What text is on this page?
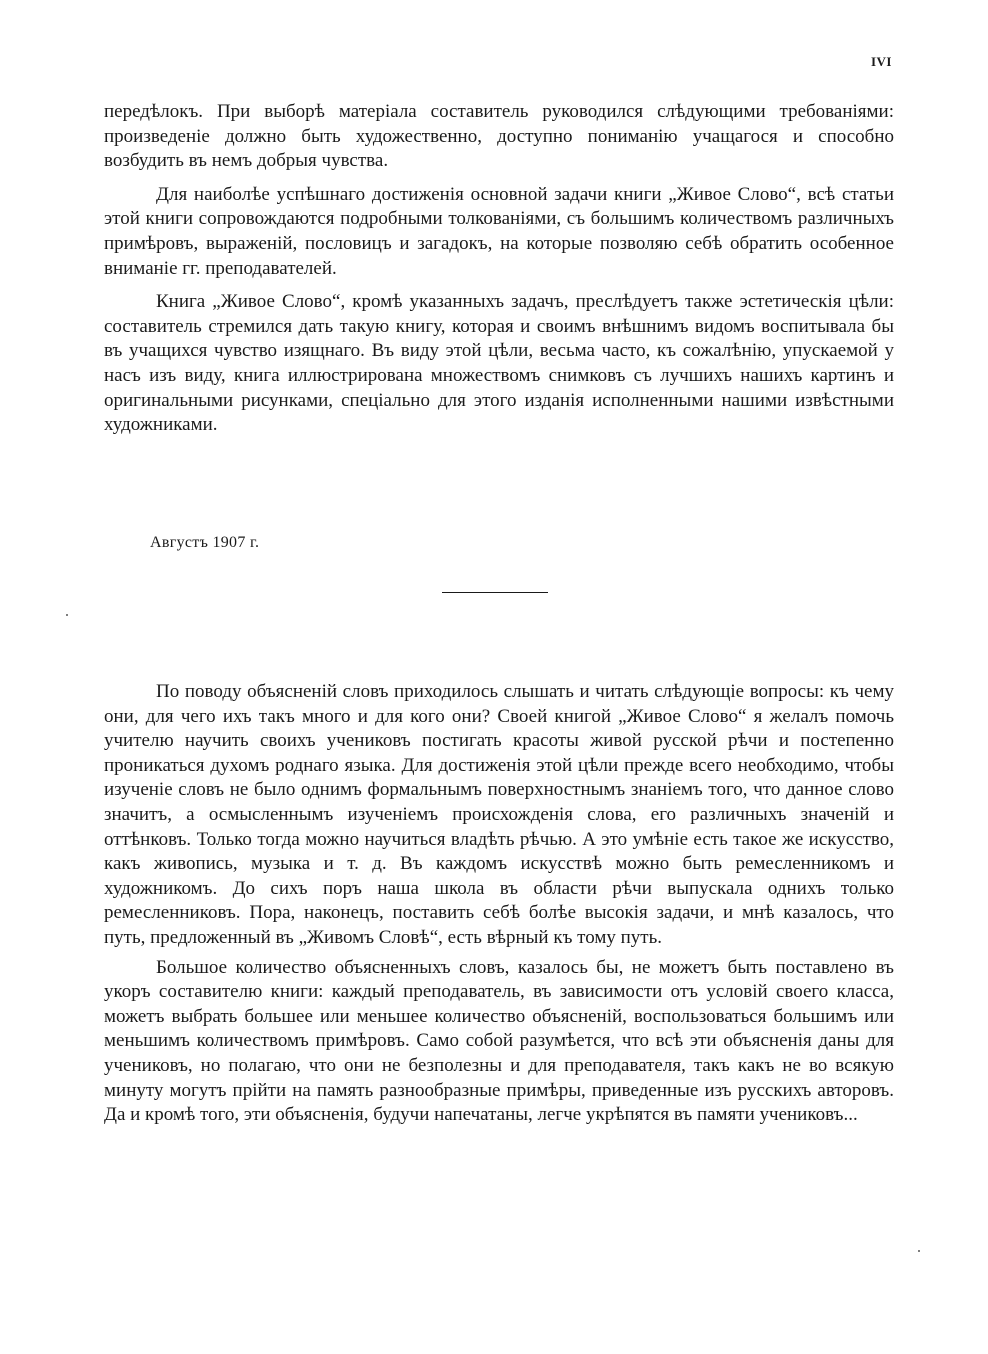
ІVІ

передѣлокъ. При выборѣ матеріала составитель руководился слѣдующими требованіями: произведеніе должно быть художественно, доступно пониманію учащагося и способно возбудить въ немъ добрыя чувства.

Для наиболѣе успѣшнаго достиженія основной задачи книги „Живое Слово“, всѣ статьи этой книги сопровождаются подробными толкованіями, съ большимъ количествомъ различныхъ примѣровъ, выраженій, пословицъ и загадокъ, на которые позволяю себѣ обратить особенное вниманіе гг. преподавателей.

Книга „Живое Слово“, кромѣ указанныхъ задачъ, преслѣдуетъ также эстетическія цѣли: составитель стремился дать такую книгу, которая и своимъ внѣшнимъ видомъ воспитывала бы въ учащихся чувство изящнаго. Въ виду этой цѣли, весьма часто, къ сожалѣнію, упускаемой у насъ изъ виду, книга иллюстрирована множествомъ снимковъ съ лучшихъ нашихъ картинъ и оригинальными рисунками, спеціально для этого изданія исполненными нашими извѣстными художниками.

Августъ 1907 г.

По поводу объясненій словъ приходилось слышать и читать слѣдующіе вопросы: къ чему они, для чего ихъ такъ много и для кого они? Своей книгой „Живое Слово“ я желалъ помочь учителю научить своихъ учениковъ постигать красоты живой русской рѣчи и постепенно проникаться духомъ роднаго языка. Для достиженія этой цѣли прежде всего необходимо, чтобы изученіе словъ не было однимъ формальнымъ поверхностнымъ знаніемъ того, что данное слово значитъ, а осмысленнымъ изученіемъ происхожденія слова, его различныхъ значеній и оттѣнковъ. Только тогда можно научиться владѣть рѣчью. А это умѣніе есть такое же искусство, какъ живопись, музыка и т. д. Въ каждомъ искусствѣ можно быть ремесленникомъ и художникомъ. До сихъ поръ наша школа въ области рѣчи выпускала однихъ только ремесленниковъ. Пора, наконецъ, поставить себѣ болѣе высокія задачи, и мнѣ казалось, что путь, предложенный въ „Живомъ Словѣ“, есть вѣрный къ тому путь.

Большое количество объясненныхъ словъ, казалось бы, не можетъ быть поставлено въ укоръ составителю книги: каждый преподаватель, въ зависимости отъ условій своего класса, можетъ выбрать большее или меньшее количество объясненій, воспользоваться большимъ или меньшимъ количествомъ примѣровъ. Само собой разумѣется, что всѣ эти объясненія даны для учениковъ, но полагаю, что они не безполезны и для преподавателя, такъ какъ не во всякую минуту могутъ прійти на память разнообразные примѣры, приведенные изъ русскихъ авторовъ. Да и кромѣ того, эти объясненія, будучи напечатаны, легче укрѣпятся въ памяти учениковъ...
